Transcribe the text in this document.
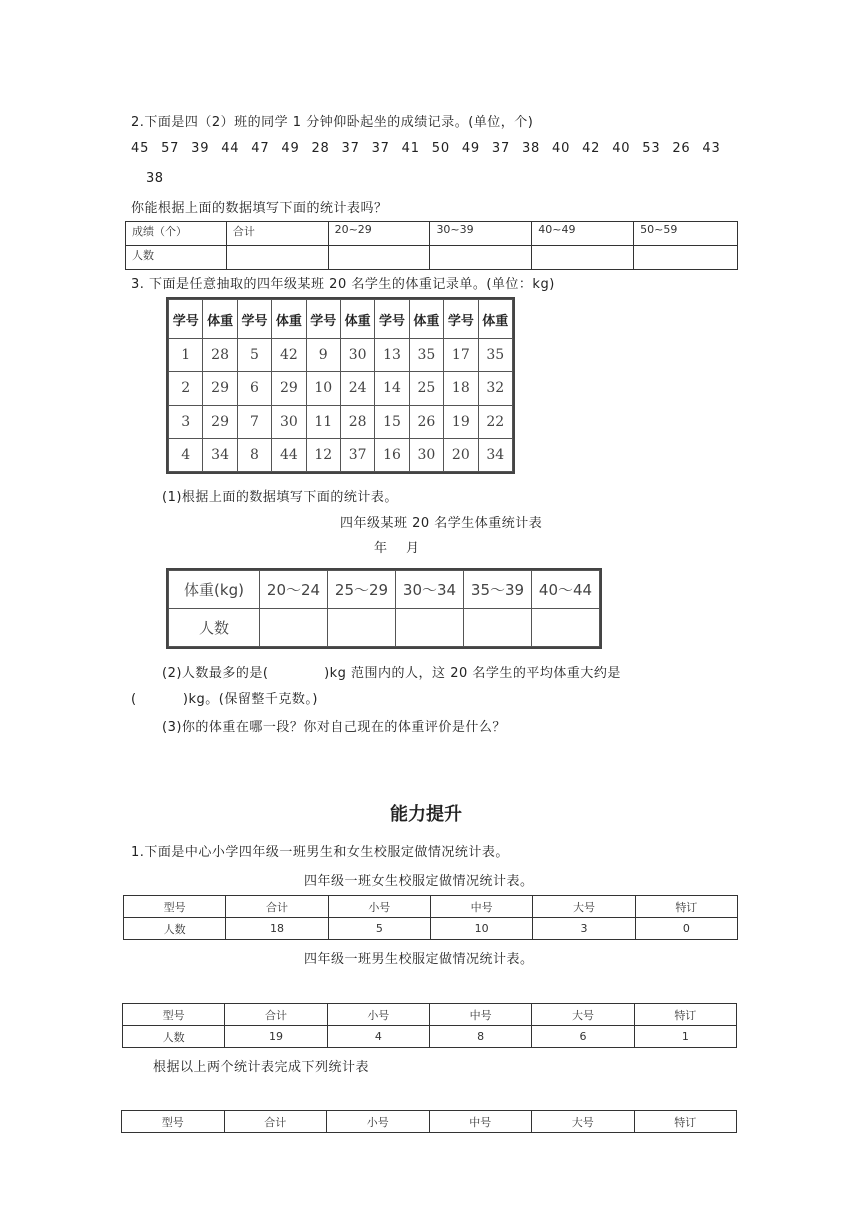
2.下面是四（2）班的同学 1 分钟仰卧起坐的成绩记录。(单位，个)
45 57 39 44 47 49 28 37 37 41 50 49 37 38 40 42 40 53 26 43
38
你能根据上面的数据填写下面的统计表吗？
成绩（个）	合计	20~29	30~39	40~49	50~59
人数					
3. 下面是任意抽取的四年级某班 20 名学生的体重记录单。(单位：kg)
学号	体重	学号	体重	学号	体重	学号	体重	学号	体重
1	28	5	42	9	30	13	35	17	35
2	29	6	29	10	24	14	25	18	32
3	29	7	30	11	28	15	26	19	22
4	34	8	44	12	37	16	30	20	34
(1)根据上面的数据填写下面的统计表。
四年级某班 20 名学生体重统计表
年    月
体重(kg)	20～24	25～29	30～34	35～39	40～44
人数					
(2)人数最多的是(            )kg 范围内的人，这 20 名学生的平均体重大约是
(          )kg。(保留整千克数。)
(3)你的体重在哪一段？你对自己现在的体重评价是什么？
能力提升
1.下面是中心小学四年级一班男生和女生校服定做情况统计表。
四年级一班女生校服定做情况统计表。
型号	合计	小号	中号	大号	特订
人数	18	5	10	3	0
四年级一班男生校服定做情况统计表。
型号	合计	小号	中号	大号	特订
人数	19	4	8	6	1
根据以上两个统计表完成下列统计表
型号	合计	小号	中号	大号	特订
